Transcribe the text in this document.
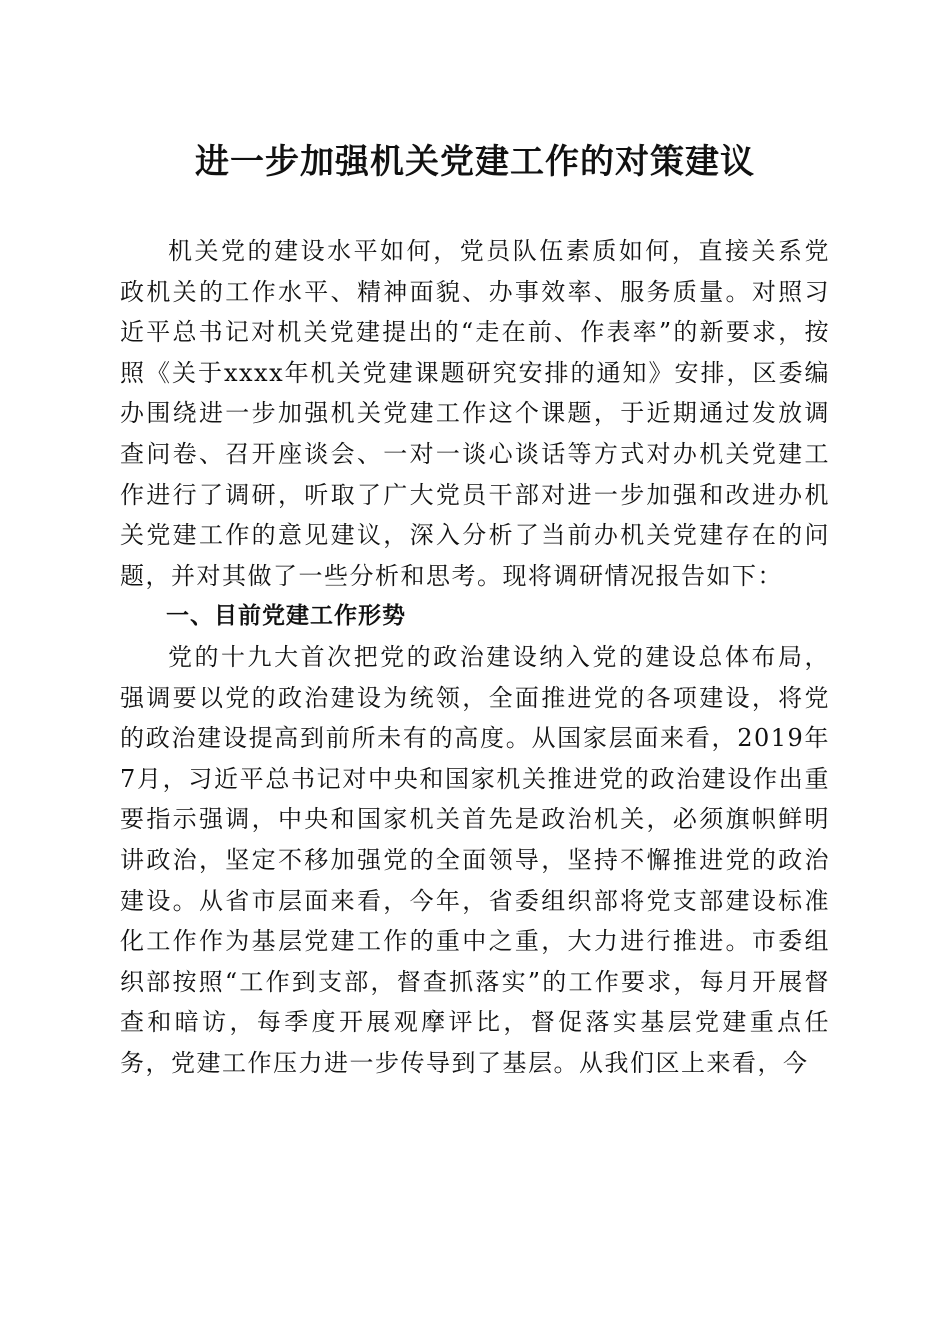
进一步加强机关党建工作的对策建议

机关党的建设水平如何，党员队伍素质如何，直接关系党政机关的工作水平、精神面貌、办事效率、服务质量。对照习近平总书记对机关党建提出的“走在前、作表率”的新要求，按照《关于xxxx年机关党建课题研究安排的通知》安排，区委编办围绕进一步加强机关党建工作这个课题，于近期通过发放调查问卷、召开座谈会、一对一谈心谈话等方式对办机关党建工作进行了调研，听取了广大党员干部对进一步加强和改进办机关党建工作的意见建议，深入分析了当前办机关党建存在的问题，并对其做了一些分析和思考。现将调研情况报告如下：

一、目前党建工作形势

党的十九大首次把党的政治建设纳入党的建设总体布局，强调要以党的政治建设为统领，全面推进党的各项建设，将党的政治建设提高到前所未有的高度。从国家层面来看，2019年7月，习近平总书记对中央和国家机关推进党的政治建设作出重要指示强调，中央和国家机关首先是政治机关，必须旗帜鲜明讲政治，坚定不移加强党的全面领导，坚持不懈推进党的政治建设。从省市层面来看，今年，省委组织部将党支部建设标准化工作作为基层党建工作的重中之重，大力进行推进。市委组织部按照“工作到支部，督查抓落实”的工作要求，每月开展督查和暗访，每季度开展观摩评比，督促落实基层党建重点任务，党建工作压力进一步传导到了基层。从我们区上来看，今
